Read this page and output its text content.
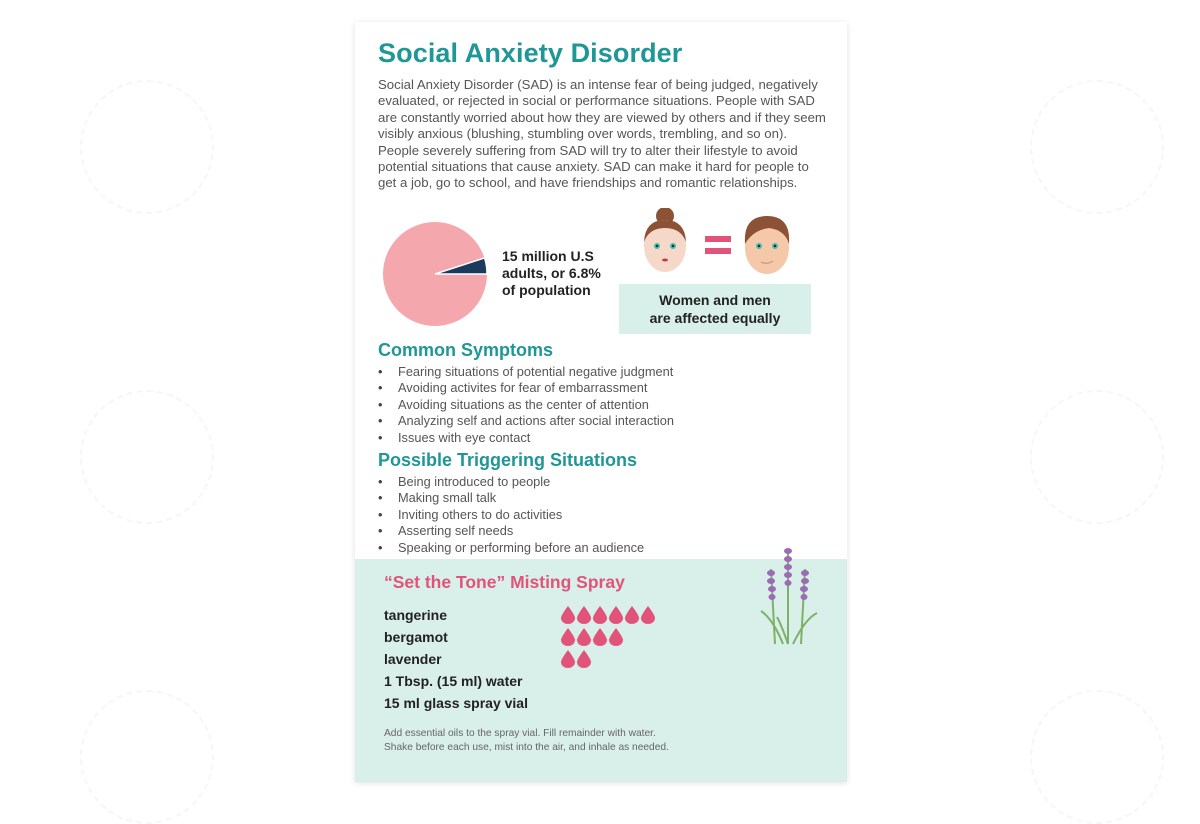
Social Anxiety Disorder
Social Anxiety Disorder (SAD) is an intense fear of being judged, negatively evaluated, or rejected in social or performance situations. People with SAD are constantly worried about how they are viewed by others and if they seem visibly anxious (blushing, stumbling over words, trembling, and so on). People severely suffering from SAD will try to alter their lifestyle to avoid potential situations that cause anxiety. SAD can make it hard for people to get a job, go to school, and have friendships and romantic relationships.
15 million U.S
adults, or 6.8%
of population
Women and men
are affected equally
Common Symptoms
• Fearing situations of potential negative judgment
• Avoiding activites for fear of embarrassment
• Avoiding situations as the center of attention
• Analyzing self and actions after social interaction
• Issues with eye contact
Possible Triggering Situations
• Being introduced to people
• Making small talk
• Inviting others to do activities
• Asserting self needs
• Speaking or performing before an audience
“Set the Tone” Misting Spray
tangerine
bergamot
lavender
1 Tbsp. (15 ml) water
15 ml glass spray vial
Add essential oils to the spray vial. Fill remainder with water.
Shake before each use, mist into the air, and inhale as needed.
